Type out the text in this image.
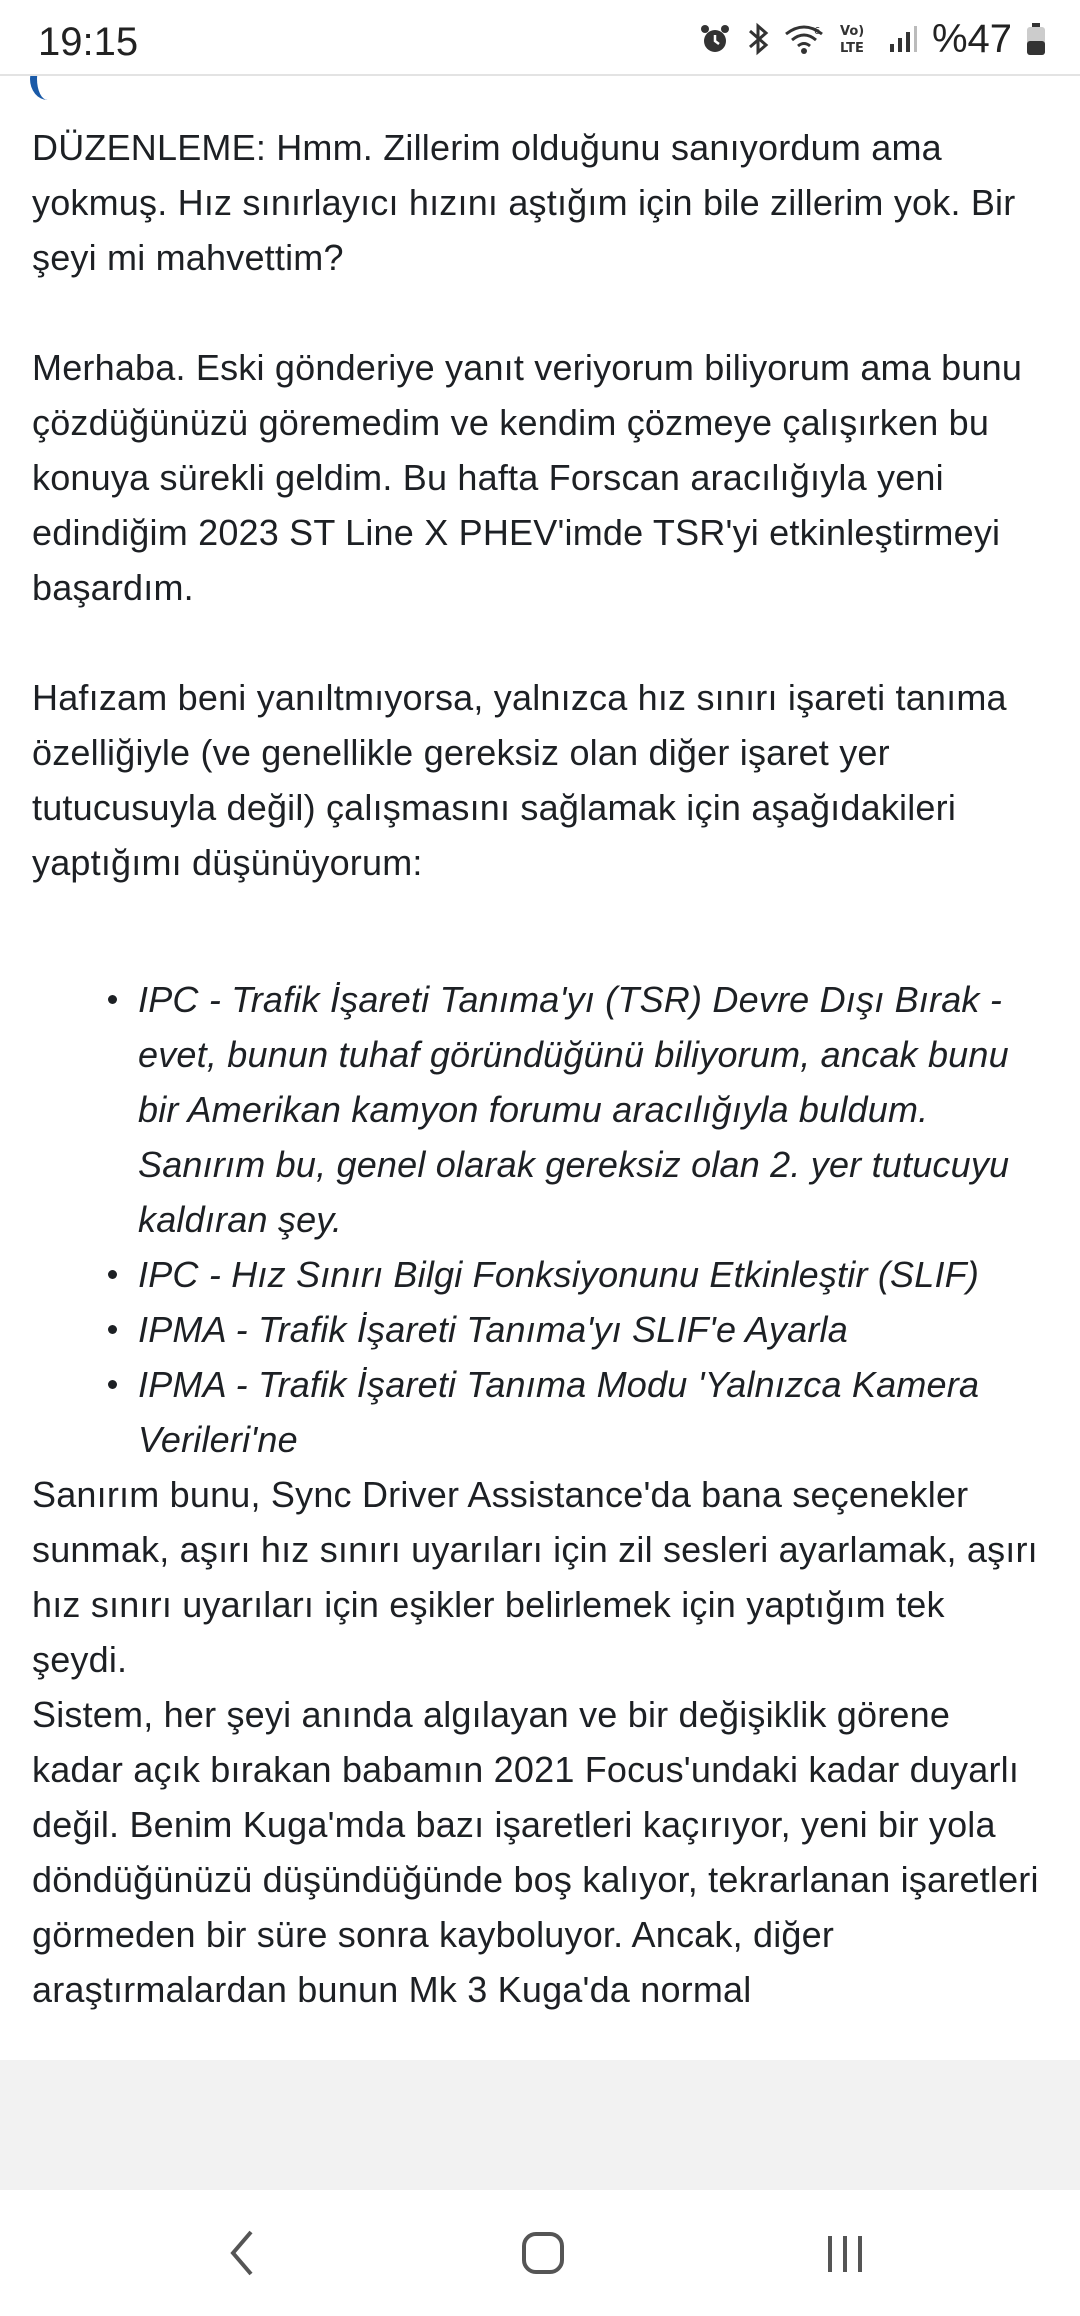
19:15	6 Vo)
LTE %47

DÜZENLEME: Hmm. Zillerim olduğunu sanıyordum ama yokmuş. Hız sınırlayıcı hızını aştığım için bile zillerim yok. Bir şeyi mi mahvettim?

Merhaba. Eski gönderiye yanıt veriyorum biliyorum ama bunu çözdüğünüzü göremedim ve kendim çözmeye çalışırken bu konuya sürekli geldim. Bu hafta Forscan aracılığıyla yeni edindiğim 2023 ST Line X PHEV'imde TSR'yi etkinleştirmeyi başardım.

Hafızam beni yanıltmıyorsa, yalnızca hız sınırı işareti tanıma özelliğiyle (ve genellikle gereksiz olan diğer işaret yer tutucusuyla değil) çalışmasını sağlamak için aşağıdakileri yaptığımı düşünüyorum:

IPC - Trafik İşareti Tanıma'yı (TSR) Devre Dışı Bırak - evet, bunun tuhaf göründüğünü biliyorum, ancak bunu bir Amerikan kamyon forumu aracılığıyla buldum. Sanırım bu, genel olarak gereksiz olan 2. yer tutucuyu kaldıran şey.
IPC - Hız Sınırı Bilgi Fonksiyonunu Etkinleştir (SLIF)
IPMA - Trafik İşareti Tanıma'yı SLIF'e Ayarla
IPMA - Trafik İşareti Tanıma Modu 'Yalnızca Kamera Verileri'ne

Sanırım bunu, Sync Driver Assistance'da bana seçenekler sunmak, aşırı hız sınırı uyarıları için zil sesleri ayarlamak, aşırı hız sınırı uyarıları için eşikler belirlemek için yaptığım tek şeydi.

Sistem, her şeyi anında algılayan ve bir değişiklik görene kadar açık bırakan babamın 2021 Focus'undaki kadar duyarlı değil. Benim Kuga'mda bazı işaretleri kaçırıyor, yeni bir yola döndüğünüzü düşündüğünde boş kalıyor, tekrarlanan işaretleri görmeden bir süre sonra kayboluyor. Ancak, diğer araştırmalardan bunun Mk 3 Kuga'da normal
